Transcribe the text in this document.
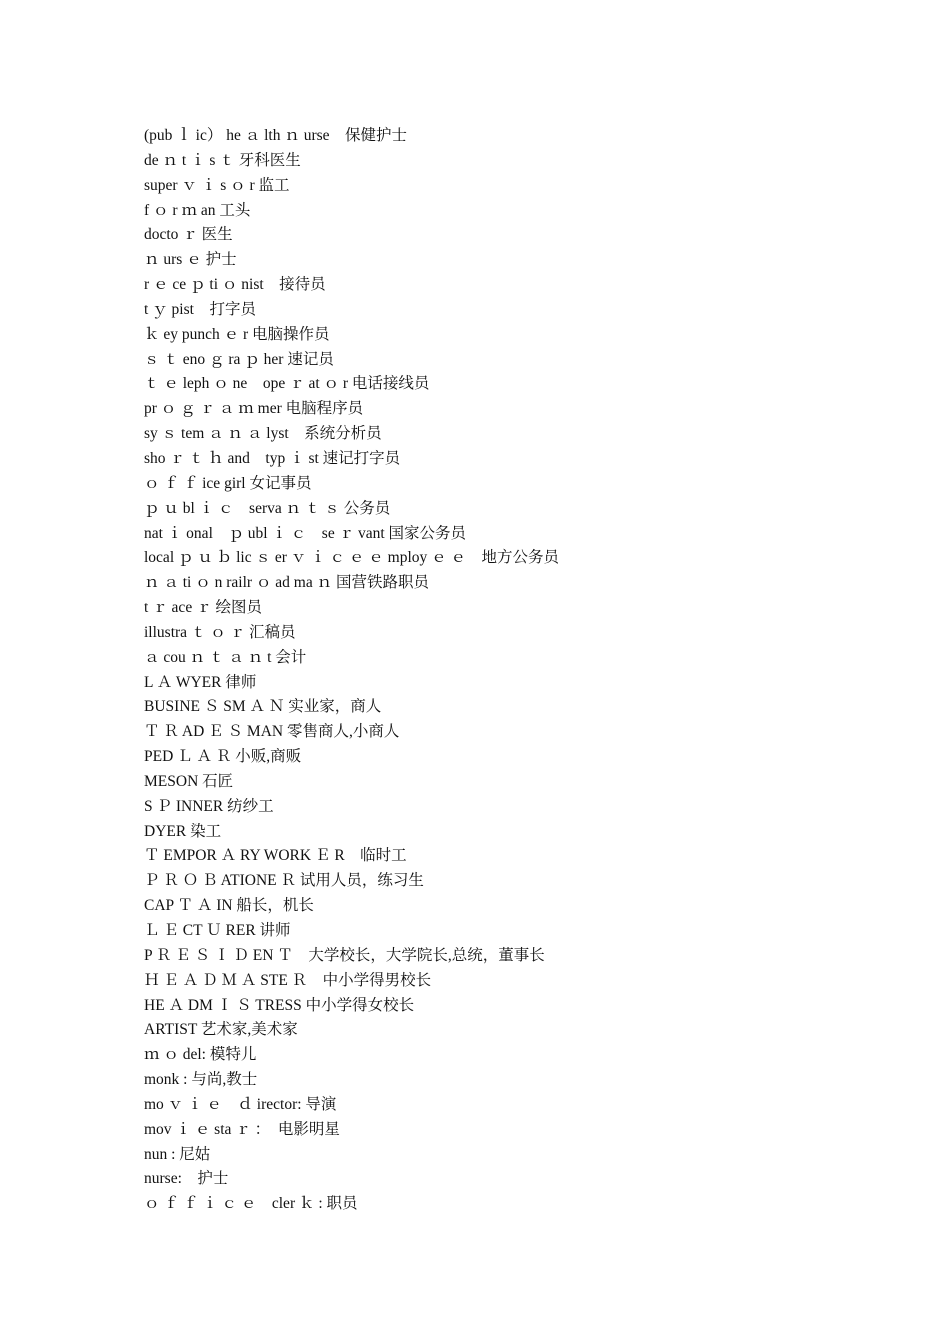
(pub ｌ ic） he ａ lth ｎ urse　保健护士
de ｎ t ｉ s ｔ 牙科医生
super ｖ ｉ s ｏ r 监工
f ｏ r ｍ an 工头
docto ｒ 医生
ｎ urs ｅ 护士
r ｅ ce ｐ ti ｏ nist　接待员
t ｙ pist　打字员
ｋ ey punch ｅ r 电脑操作员
ｓ ｔ eno ｇ ra ｐ her 速记员
ｔ ｅ leph ｏ ne　ope ｒ at ｏ r 电话接线员
pr ｏ ｇ ｒ ａ ｍ mer 电脑程序员
sy ｓ tem ａ ｎ ａ lyst　系统分析员
sho ｒ ｔ ｈ and　typ ｉ st 速记打字员
ｏ ｆ ｆ ice girl 女记事员
ｐ ｕ bl ｉ ｃ　serva ｎ ｔ ｓ 公务员
nat ｉ onal　ｐ ubl ｉ ｃ　se ｒ vant 国家公务员
local ｐ ｕ ｂ lic ｓ er ｖ ｉ ｃ ｅ ｅ mploy ｅ ｅ　地方公务员
ｎ ａ ti ｏ n railr ｏ ad ma ｎ 国营铁路职员
t ｒ ace ｒ 绘图员
illustra ｔ ｏ ｒ 汇稿员
ａ cou ｎ ｔ ａ ｎ t 会计
L Ａ WYER 律师
BUSINE Ｓ SM Ａ Ｎ 实业家，商人
Ｔ Ｒ AD Ｅ Ｓ MAN 零售商人,小商人
PED Ｌ Ａ Ｒ 小贩,商贩
MESON 石匠
S Ｐ INNER 纺纱工
DYER 染工
Ｔ EMPOR Ａ RY WORK Ｅ R　临时工
Ｐ Ｒ Ｏ Ｂ ATIONE Ｒ 试用人员，练习生
CAP Ｔ Ａ IN 船长，机长
Ｌ Ｅ CT Ｕ RER 讲师
P Ｒ Ｅ Ｓ Ｉ Ｄ EN Ｔ　大学校长，大学院长,总统，董事长
Ｈ Ｅ Ａ Ｄ Ｍ Ａ STE Ｒ　中小学得男校长
HE Ａ DM Ｉ Ｓ TRESS 中小学得女校长
ARTIST 艺术家,美术家
ｍ ｏ del: 模特儿
monk : 与尚,教士
mo ｖ ｉ ｅ　ｄ irector: 导演
mov ｉ ｅ sta ｒ ：　电影明星
nun : 尼姑
nurse:　护士
ｏ ｆ ｆ ｉ ｃ ｅ　cler ｋ : 职员
